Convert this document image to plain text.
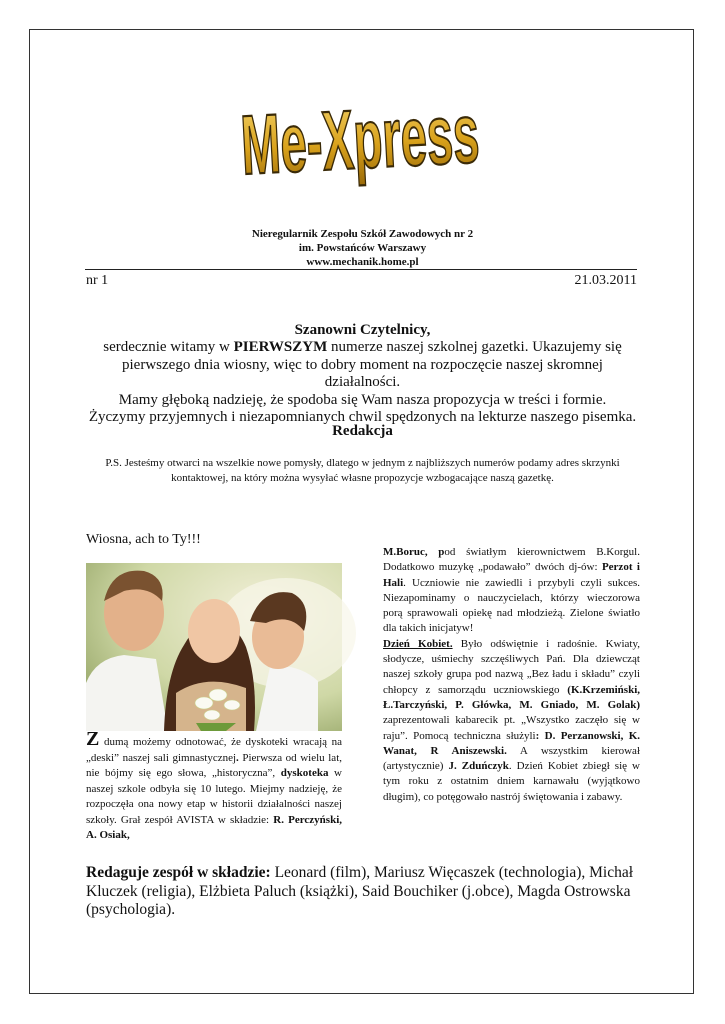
Me-Xpress
Nieregularnik Zespołu Szkół Zawodowych nr 2
im. Powstańców Warszawy
www.mechanik.home.pl
nr 1	21.03.2011
Szanowni Czytelnicy,
serdecznie witamy w PIERWSZYM numerze naszej szkolnej gazetki. Ukazujemy się pierwszego dnia wiosny, więc to dobry moment na rozpoczęcie naszej skromnej działalności.
Mamy głęboką nadzieję, że spodoba się Wam nasza propozycja w treści i formie.
Życzymy przyjemnych i niezapomnianych chwil spędzonych na lekturze naszego pisemka.
Redakcja
P.S. Jesteśmy otwarci na wszelkie nowe pomysły, dlatego w jednym z najbliższych numerów podamy adres skrzynki kontaktowej, na który można wysyłać własne propozycje wzbogacające naszą gazetkę.
Wiosna, ach to Ty!!!
Z dumą możemy odnotować, że dyskoteki wracają na „deski” naszej sali gimnastycznej. Pierwsza od wielu lat, nie bójmy się ego słowa, „historyczna”, dyskoteka w naszej szkole odbyła się 10 lutego. Miejmy nadzieję, że rozpoczęła ona nowy etap w historii działalności naszej szkoły. Grał zespół AVISTA w składzie: R. Perczyński, A. Osiak,
M.Boruc, pod światłym kierownictwem B.Korgul. Dodatkowo muzykę „podawało” dwóch dj-ów: Perzot i Hali. Uczniowie nie zawiedli i przybyli czyli sukces. Niezapominamy o nauczycielach, którzy wieczorowa porą sprawowali opiekę nad młodzieżą. Zielone światło dla takich inicjatyw!
Dzień Kobiet. Było odświętnie i radośnie. Kwiaty, słodycze, uśmiechy szczęśliwych Pań. Dla dziewcząt naszej szkoły grupa pod nazwą „Bez ładu i składu” czyli chłopcy z samorządu uczniowskiego (K.Krzemiński, Ł.Tarczyński, P. Główka, M. Gniado, M. Golak) zaprezentowali kabarecik pt. „Wszystko zaczęło się w raju”. Pomocą techniczna służyli: D. Perzanowski, K. Wanat, R Aniszewski. A wszystkim kierował (artystycznie) J. Zduńczyk. Dzień Kobiet zbiegł się w tym roku z ostatnim dniem karnawału (wyjątkowo długim), co potęgowało nastrój świętowania i zabawy.
Redaguje zespół w składzie: Leonard (film), Mariusz Więcaszek (technologia), Michał Kluczek (religia), Elżbieta Paluch (książki), Said Bouchiker (j.obce), Magda Ostrowska (psychologia).
